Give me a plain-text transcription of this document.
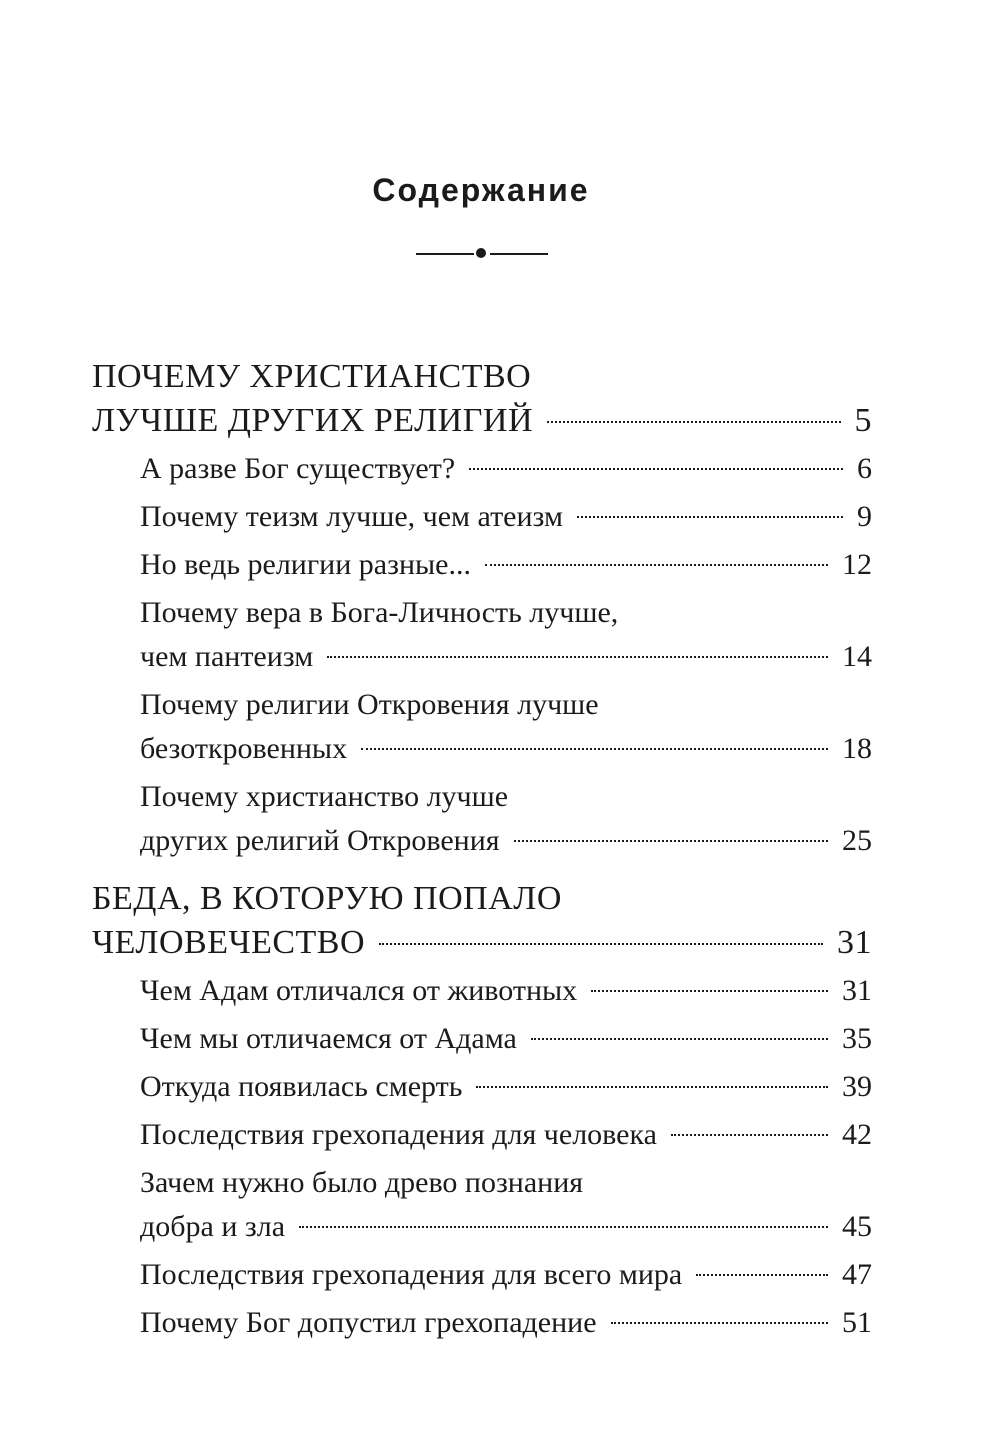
Содержание
ПОЧЕМУ ХРИСТИАНСТВО
ЛУЧШЕ ДРУГИХ РЕЛИГИЙ	5
А разве Бог существует?	6
Почему теизм лучше, чем атеизм	9
Но ведь религии разные...	12
Почему вера в Бога-Личность лучше,
чем пантеизм	14
Почему религии Откровения лучше
безоткровенных	18
Почему христианство лучше
других религий Откровения	25
БЕДА, В КОТОРУЮ ПОПАЛО
ЧЕЛОВЕЧЕСТВО	31
Чем Адам отличался от животных	31
Чем мы отличаемся от Адама	35
Откуда появилась смерть	39
Последствия грехопадения для человека	42
Зачем нужно было древо познания
добра и зла	45
Последствия грехопадения для всего мира	47
Почему Бог допустил грехопадение	51
